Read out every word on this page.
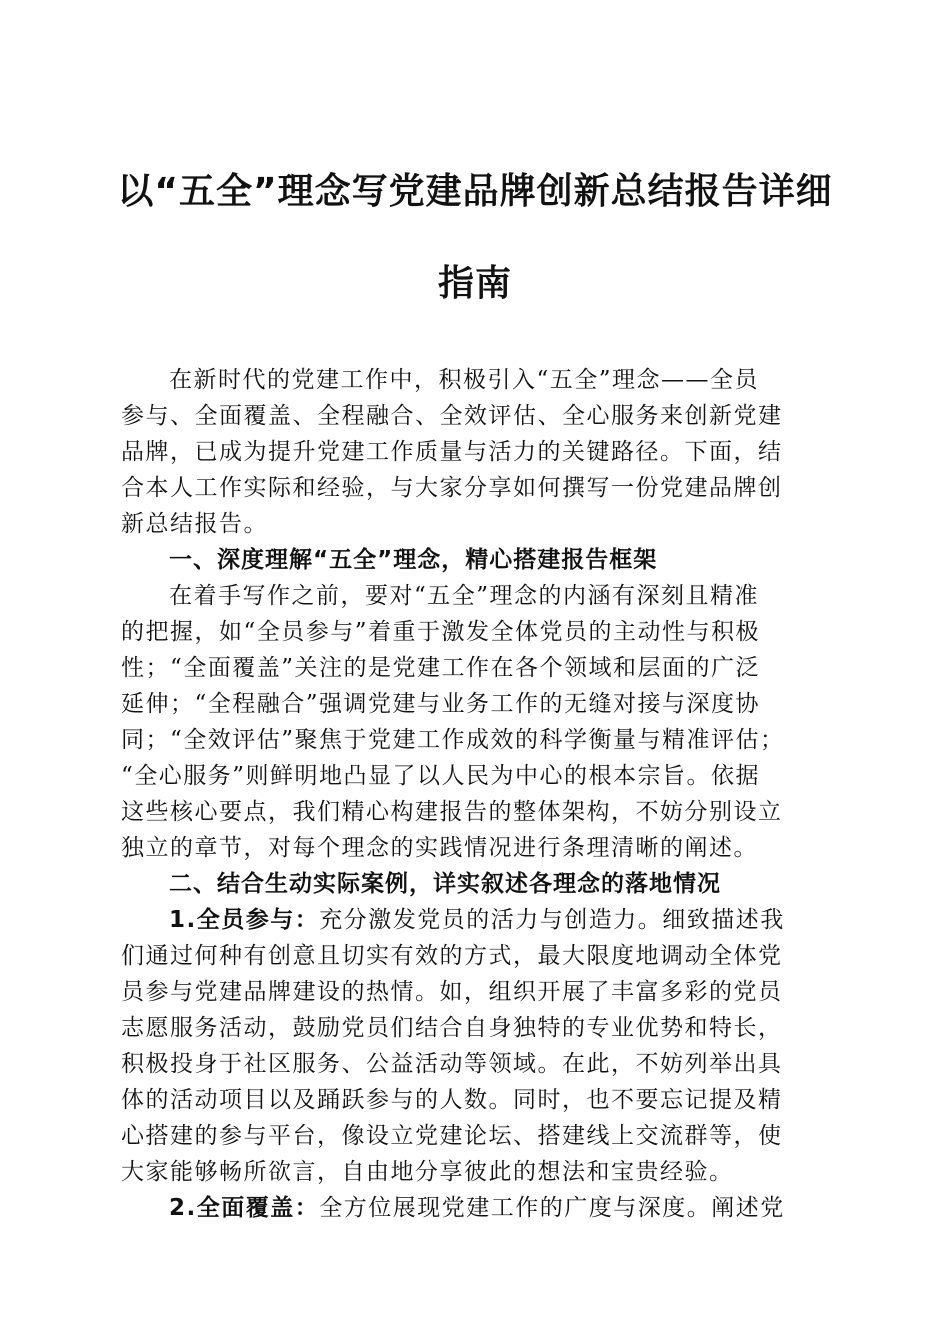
以“五全”理念写党建品牌创新总结报告详细
指南
在新时代的党建工作中，积极引入“五全”理念——全员
参与、全面覆盖、全程融合、全效评估、全心服务来创新党建
品牌，已成为提升党建工作质量与活力的关键路径。下面，结
合本人工作实际和经验，与大家分享如何撰写一份党建品牌创
新总结报告。
一、深度理解“五全”理念，精心搭建报告框架
在着手写作之前，要对“五全”理念的内涵有深刻且精准
的把握，如“全员参与”着重于激发全体党员的主动性与积极
性；“全面覆盖”关注的是党建工作在各个领域和层面的广泛
延伸；“全程融合”强调党建与业务工作的无缝对接与深度协
同；“全效评估”聚焦于党建工作成效的科学衡量与精准评估；
“全心服务”则鲜明地凸显了以人民为中心的根本宗旨。依据
这些核心要点，我们精心构建报告的整体架构，不妨分别设立
独立的章节，对每个理念的实践情况进行条理清晰的阐述。
二、结合生动实际案例，详实叙述各理念的落地情况
1.全员参与：充分激发党员的活力与创造力。细致描述我
们通过何种有创意且切实有效的方式，最大限度地调动全体党
员参与党建品牌建设的热情。如，组织开展了丰富多彩的党员
志愿服务活动，鼓励党员们结合自身独特的专业优势和特长，
积极投身于社区服务、公益活动等领域。在此，不妨列举出具
体的活动项目以及踊跃参与的人数。同时，也不要忘记提及精
心搭建的参与平台，像设立党建论坛、搭建线上交流群等，使
大家能够畅所欲言，自由地分享彼此的想法和宝贵经验。
2.全面覆盖：全方位展现党建工作的广度与深度。阐述党
